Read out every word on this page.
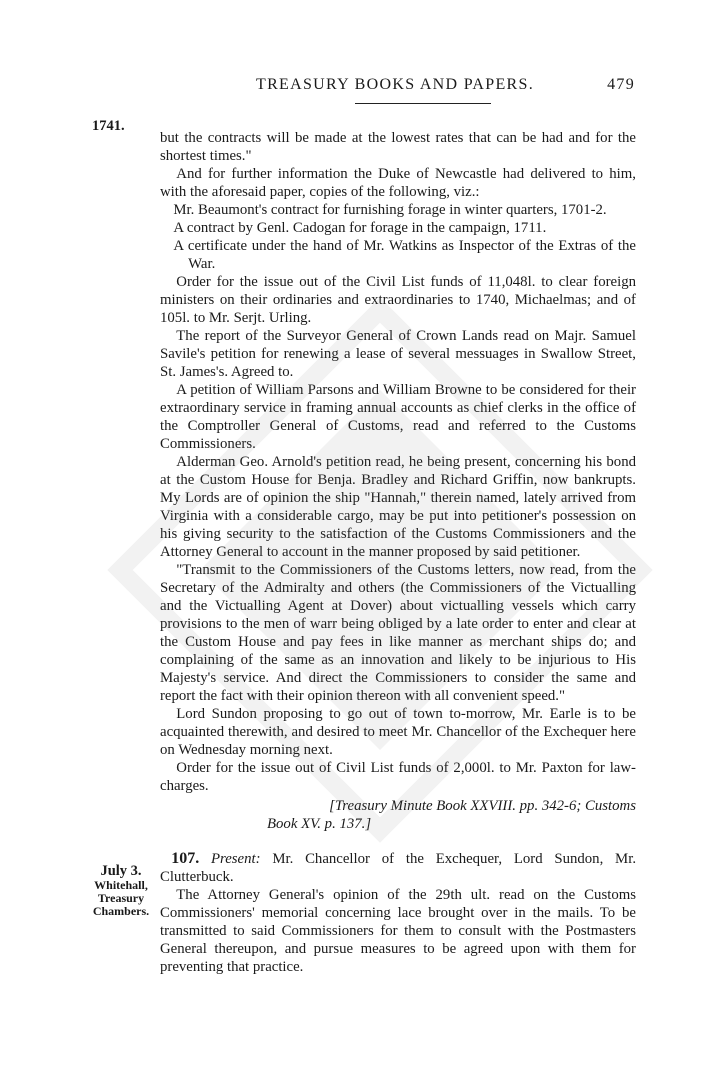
TREASURY BOOKS AND PAPERS.	479
1741.

but the contracts will be made at the lowest rates that can be had and for the shortest times."

And for further information the Duke of Newcastle had delivered to him, with the aforesaid paper, copies of the following, viz.:

Mr. Beaumont's contract for furnishing forage in winter quarters, 1701-2.

A contract by Genl. Cadogan for forage in the campaign, 1711.

A certificate under the hand of Mr. Watkins as Inspector of the Extras of the War.

Order for the issue out of the Civil List funds of 11,048l. to clear foreign ministers on their ordinaries and extraordinaries to 1740, Michaelmas; and of 105l. to Mr. Serjt. Urling.

The report of the Surveyor General of Crown Lands read on Majr. Samuel Savile's petition for renewing a lease of several messuages in Swallow Street, St. James's. Agreed to.

A petition of William Parsons and William Browne to be considered for their extraordinary service in framing annual accounts as chief clerks in the office of the Comptroller General of Customs, read and referred to the Customs Commissioners.

Alderman Geo. Arnold's petition read, he being present, concerning his bond at the Custom House for Benja. Bradley and Richard Griffin, now bankrupts. My Lords are of opinion the ship "Hannah," therein named, lately arrived from Virginia with a considerable cargo, may be put into petitioner's possession on his giving security to the satisfaction of the Customs Commissioners and the Attorney General to account in the manner proposed by said petitioner.

"Transmit to the Commissioners of the Customs letters, now read, from the Secretary of the Admiralty and others (the Commissioners of the Victualling and the Victualling Agent at Dover) about victualling vessels which carry provisions to the men of warr being obliged by a late order to enter and clear at the Custom House and pay fees in like manner as merchant ships do; and complaining of the same as an innovation and likely to be injurious to His Majesty's service. And direct the Commissioners to consider the same and report the fact with their opinion thereon with all convenient speed."

Lord Sundon proposing to go out of town to-morrow, Mr. Earle is to be acquainted therewith, and desired to meet Mr. Chancellor of the Exchequer here on Wednesday morning next.

Order for the issue out of Civil List funds of 2,000l. to Mr. Paxton for law-charges.

[Treasury Minute Book XXVIII. pp. 342-6; Customs
Book XV. p. 137.]

107. Present: Mr. Chancellor of the Exchequer, Lord Sundon, Mr. Clutterbuck.

The Attorney General's opinion of the 29th ult. read on the Customs Commissioners' memorial concerning lace brought over in the mails. To be transmitted to said Commissioners for them to consult with the Postmasters General thereupon, and pursue measures to be agreed upon with them for preventing that practice.

July 3.
Whitehall, Treasury Chambers.
